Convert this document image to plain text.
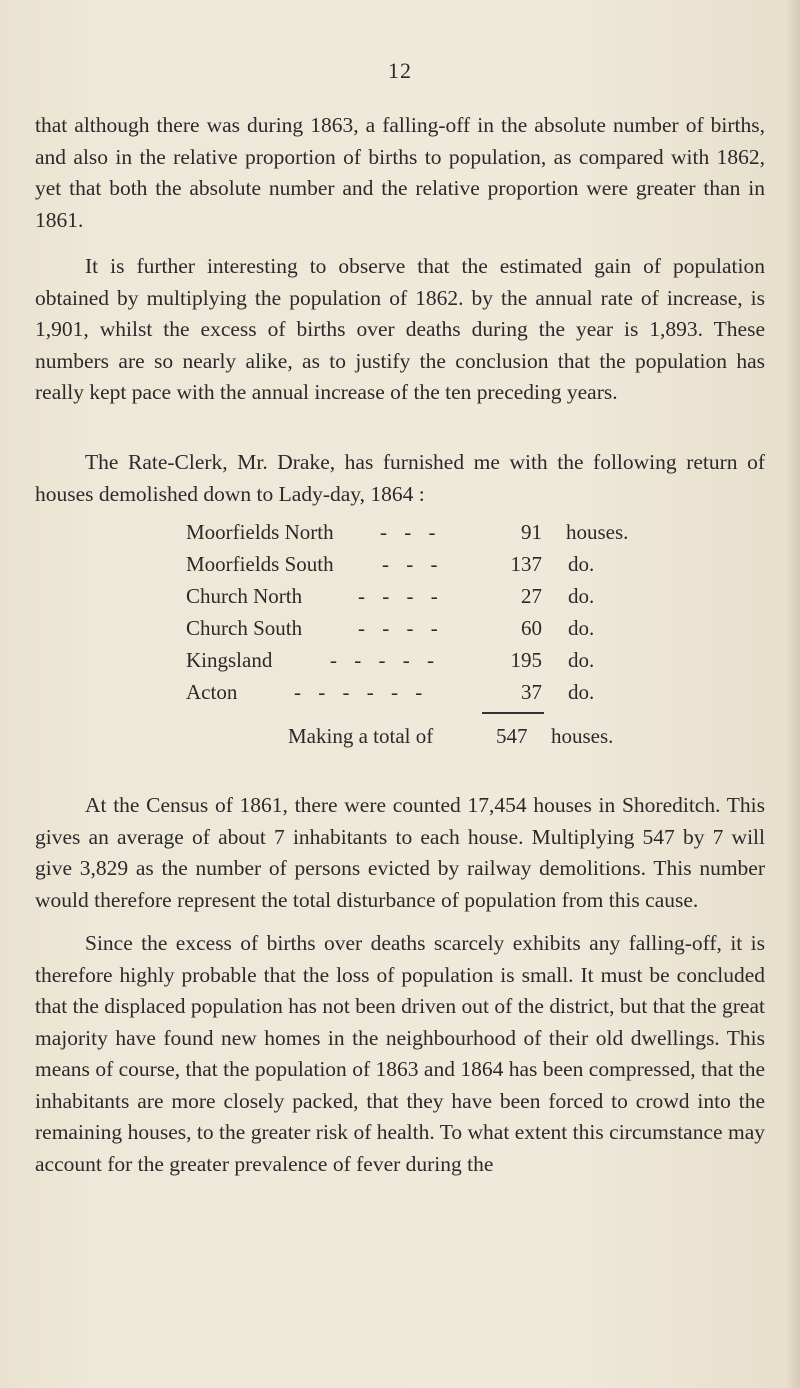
12

that although there was during 1863, a falling-off in the absolute number of births, and also in the relative proportion of births to population, as compared with 1862, yet that both the absolute number and the relative proportion were greater than in 1861.

It is further interesting to observe that the estimated gain of population obtained by multiplying the population of 1862. by the annual rate of increase, is 1,901, whilst the excess of births over deaths during the year is 1,893. These numbers are so nearly alike, as to justify the conclusion that the population has really kept pace with the annual increase of the ten preceding years.

The Rate-Clerk, Mr. Drake, has furnished me with the following return of houses demolished down to Lady-day, 1864 :

Moorfields North - - -	91 houses.
Moorfields South - - -	137 do.
Church North	- - - -	27 do.
Church South	- - - -	60 do.
Kingsland	- - - - -	195 do.
Acton	- - - - - -	37 do.
Making a total of	547 houses.

At the Census of 1861, there were counted 17,454 houses in Shoreditch. This gives an average of about 7 inhabitants to each house. Multiplying 547 by 7 will give 3,829 as the number of persons evicted by railway demolitions. This number would therefore represent the total disturbance of population from this cause.

Since the excess of births over deaths scarcely exhibits any falling-off, it is therefore highly probable that the loss of population is small. It must be concluded that the displaced population has not been driven out of the district, but that the great majority have found new homes in the neighbourhood of their old dwellings. This means of course, that the population of 1863 and 1864 has been compressed, that the inhabitants are more closely packed, that they have been forced to crowd into the remaining houses, to the greater risk of health. To what extent this circumstance may account for the greater prevalence of fever during the
